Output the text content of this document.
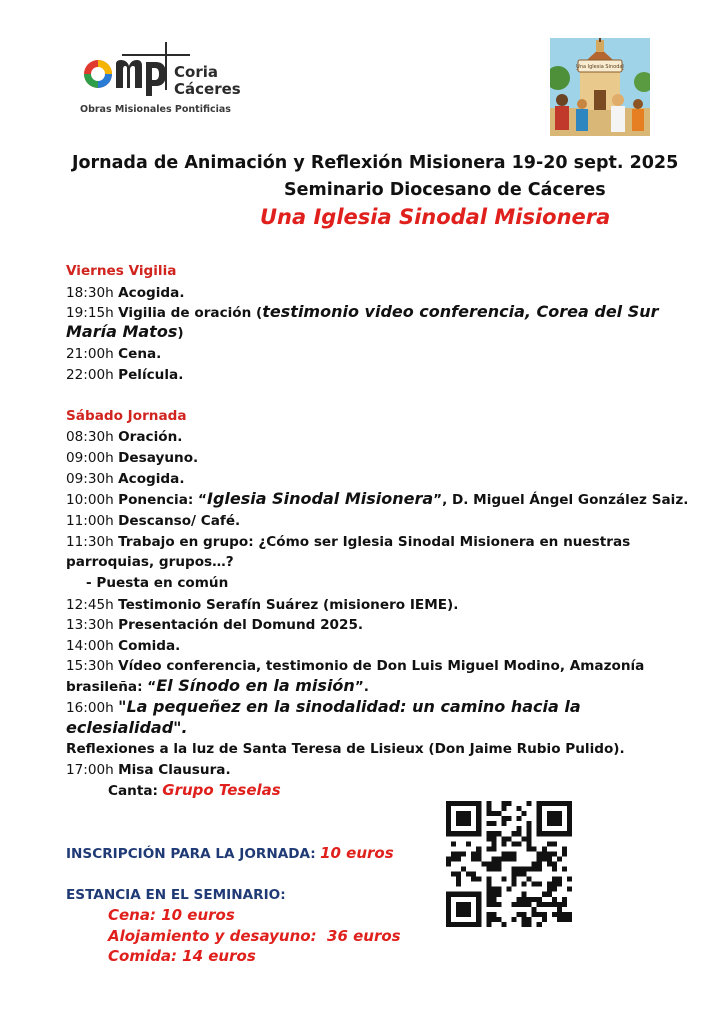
Coria
Cáceres
Obras Misionales Pontificias
Una Iglesia Sinodal
Jornada de Animación y Reflexión Misionera 19-20 sept. 2025
Seminario Diocesano de Cáceres
Una Iglesia Sinodal Misionera
Viernes Vigilia
18:30h Acogida.
19:15h Vigilia de oración (testimonio video conferencia, Corea del Sur
María Matos)
21:00h Cena.
22:00h Película.
Sábado Jornada
08:30h Oración.
09:00h Desayuno.
09:30h Acogida.
10:00h Ponencia: “Iglesia Sinodal Misionera”, D. Miguel Ángel González Saiz.
11:00h Descanso/ Café.
11:30h Trabajo en grupo: ¿Cómo ser Iglesia Sinodal Misionera en nuestras
parroquias, grupos…?
- Puesta en común
12:45h Testimonio Serafín Suárez (misionero IEME).
13:30h Presentación del Domund 2025.
14:00h Comida.
15:30h Vídeo conferencia, testimonio de Don Luis Miguel Modino, Amazonía
brasileña: “El Sínodo en la misión”.
16:00h "La pequeñez en la sinodalidad: un camino hacia la
eclesialidad".
Reflexiones a la luz de Santa Teresa de Lisieux (Don Jaime Rubio Pulido).
17:00h Misa Clausura.
Canta: Grupo Teselas
INSCRIPCIÓN PARA LA JORNADA: 10 euros
ESTANCIA EN EL SEMINARIO:
Cena: 10 euros
Alojamiento y desayuno:  36 euros
Comida: 14 euros
